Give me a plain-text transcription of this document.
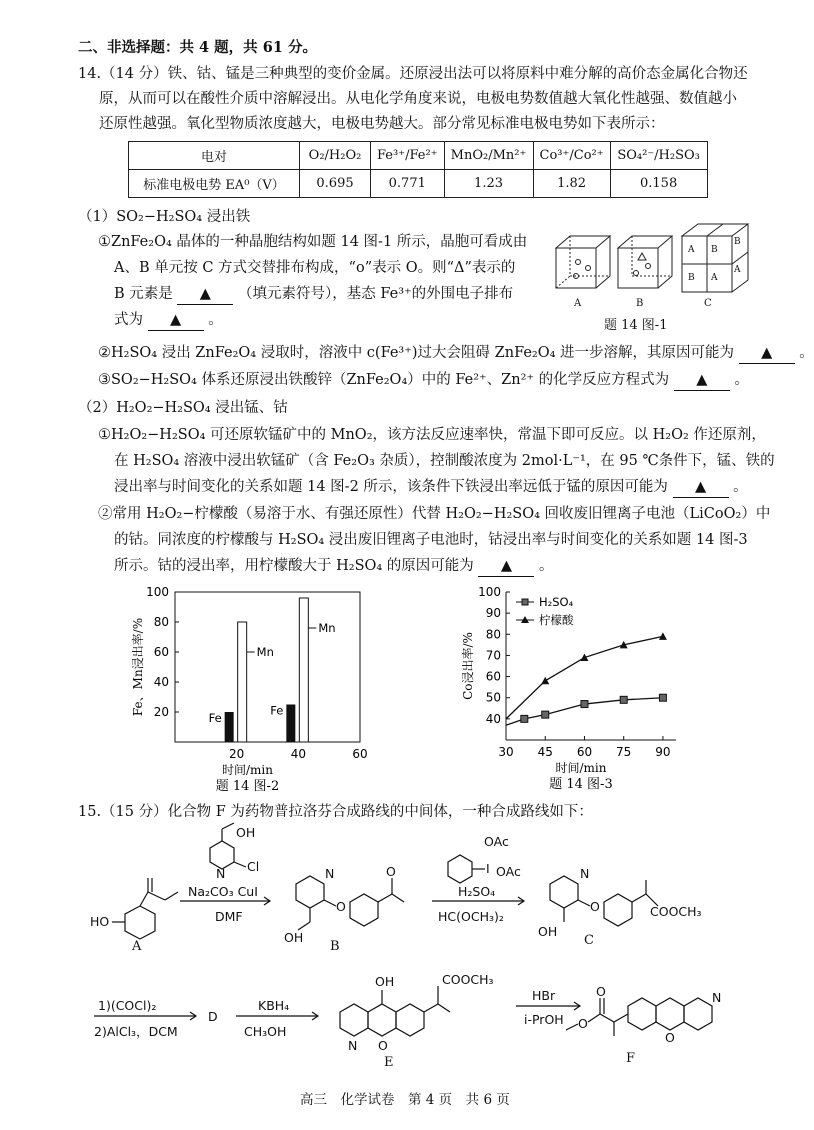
二、非选择题：共 4 题，共 61 分。
14.（14 分）铁、钴、锰是三种典型的变价金属。还原浸出法可以将原料中难分解的高价态金属化合物还
原，从而可以在酸性介质中溶解浸出。从电化学角度来说，电极电势数值越大氧化性越强、数值越小
还原性越强。氧化型物质浓度越大，电极电势越大。部分常见标准电极电势如下表所示：
电对	O₂/H₂O₂	Fe³⁺/Fe²⁺	MnO₂/Mn²⁺	Co³⁺/Co²⁺	SO₄²⁻/H₂SO₃
标准电极电势 EA⁰（V）	0.695	0.771	1.23	1.82	0.158
（1）SO₂−H₂SO₄ 浸出铁
①ZnFe₂O₄ 晶体的一种晶胞结构如题 14 图-1 所示，晶胞可看成由
A、B 单元按 C 方式交替排布构成，“o”表示 O。则“Δ”表示的
B 元素是 ▲ （填元素符号），基态 Fe³⁺的外围电子排布
式为 ▲ 。
A B
B A
B
A
A	B	C
题 14 图-1
②H₂SO₄ 浸出 ZnFe₂O₄ 浸取时，溶液中 c(Fe³⁺)过大会阻碍 ZnFe₂O₄ 进一步溶解，其原因可能为 ▲ 。
③SO₂−H₂SO₄ 体系还原浸出铁酸锌（ZnFe₂O₄）中的 Fe²⁺、Zn²⁺ 的化学反应方程式为 ▲ 。
（2）H₂O₂−H₂SO₄ 浸出锰、钴
①H₂O₂−H₂SO₄ 可还原软锰矿中的 MnO₂，该方法反应速率快，常温下即可反应。以 H₂O₂ 作还原剂，
在 H₂SO₄ 溶液中浸出软锰矿（含 Fe₂O₃ 杂质），控制酸浓度为 2mol·L⁻¹，在 95 ℃条件下，锰、铁的
浸出率与时间变化的关系如题 14 图-2 所示，该条件下铁浸出率远低于锰的原因可能为 ▲ 。
②常用 H₂O₂−柠檬酸（易溶于水、有强还原性）代替 H₂O₂−H₂SO₄ 回收废旧锂离子电池（LiCoO₂）中
的钴。同浓度的柠檬酸与 H₂SO₄ 浸出废旧锂离子电池时，钴浸出率与时间变化的关系如题 14 图-3
所示。钴的浸出率，用柠檬酸大于 H₂SO₄ 的原因可能为 ▲ 。
20
40
60
80
100
20	40	60
Fe
Fe
Mn
Mn
时间/min
Fe、Mn浸出率/%
题 14 图-2
40
50
60
70
80
90
100
30 45 60 75 90
H₂SO₄
柠檬酸
时间/min
Co浸出率/%
题 14 图-3
15.（15 分）化合物 F 为药物普拉洛芬合成路线的中间体，一种合成路线如下：
HO
OH
Cl
N
Na₂CO₃ CuI
DMF
N
O
O
OH
I
OAc
OAc
H₂SO₄
HC(OCH₃)₂
N
O
OH
COOCH₃
1)(COCl)₂
2)AlCl₃，DCM
D
KBH₄
CH₃OH
OH	COOCH₃
N O
HBr
i-PrOH O
O
O
N
A	B	C
E	F
高三　化学试卷　第 4 页　共 6 页
